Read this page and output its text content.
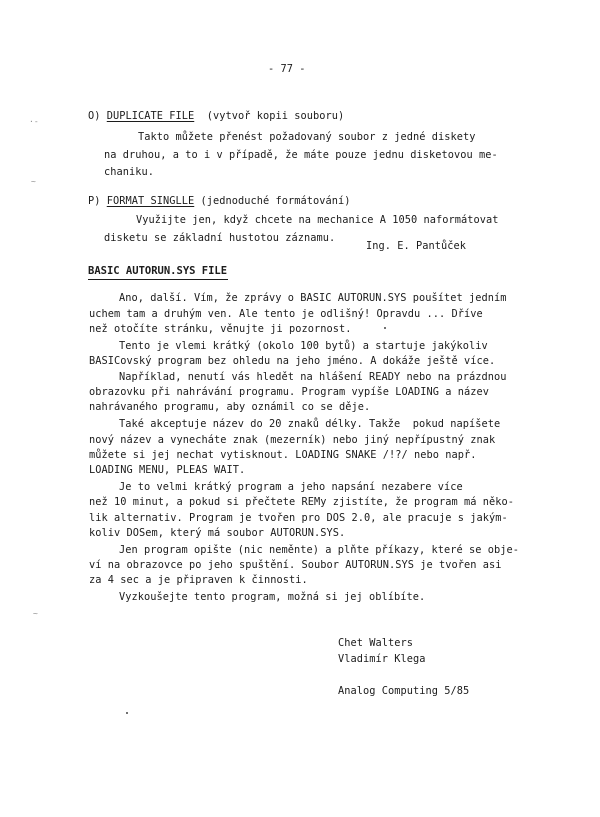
- 77 -
O) DUPLICATE FILE (vytvoř kopii souboru)
Takto můžete přenést požadovaný soubor z jedné diskety
na druhou, a to i v případě, že máte pouze jednu disketovou me-
chaniku.
P) FORMAT SINGLLE (jednoduché formátování)
Využijte jen, když chcete na mechanice A 1050 naformátovat
disketu se základní hustotou záznamu.
Ing. E. Pantůček
BASIC AUTORUN.SYS FILE
Ano, další. Vím, že zprávy o BASIC AUTORUN.SYS poušítet jedním
uchem tam a druhým ven. Ale tento je odlišný! Opravdu ... Dříve
než otočíte stránku, věnujte ji pozornost.
Tento je vlemi krátký (okolo 100 bytů) a startuje jakýkoliv
BASICovský program bez ohledu na jeho jméno. A dokáže ještě více.
Například, nenutí vás hledět na hlášení READY nebo na prázdnou
obrazovku při nahrávání programu. Program vypíše LOADING a název
nahrávaného programu, aby oznámil co se děje.
Také akceptuje název do 20 znaků délky. Takže  pokud napíšete
nový název a vynecháte znak (mezerník) nebo jiný nepřípustný znak
můžete si jej nechat vytisknout. LOADING SNAKE /!?/ nebo např.
LOADING MENU, PLEAS WAIT.
Je to velmi krátký program a jeho napsání nezabere více
než 10 minut, a pokud si přečtete REMy zjistíte, že program má něko-
lik alternativ. Program je tvořen pro DOS 2.0, ale pracuje s jakým-
koliv DOSem, který má soubor AUTORUN.SYS.
Jen program opište (nic neměnte) a plňte příkazy, které se obje-
ví na obrazovce po jeho spuštění. Soubor AUTORUN.SYS je tvořen asi
za 4 sec a je připraven k činnosti.
Vyzkoušejte tento program, možná si jej oblíbíte.
Chet Walters
Vladimír Klega
Analog Computing 5/85
·-
~
~
